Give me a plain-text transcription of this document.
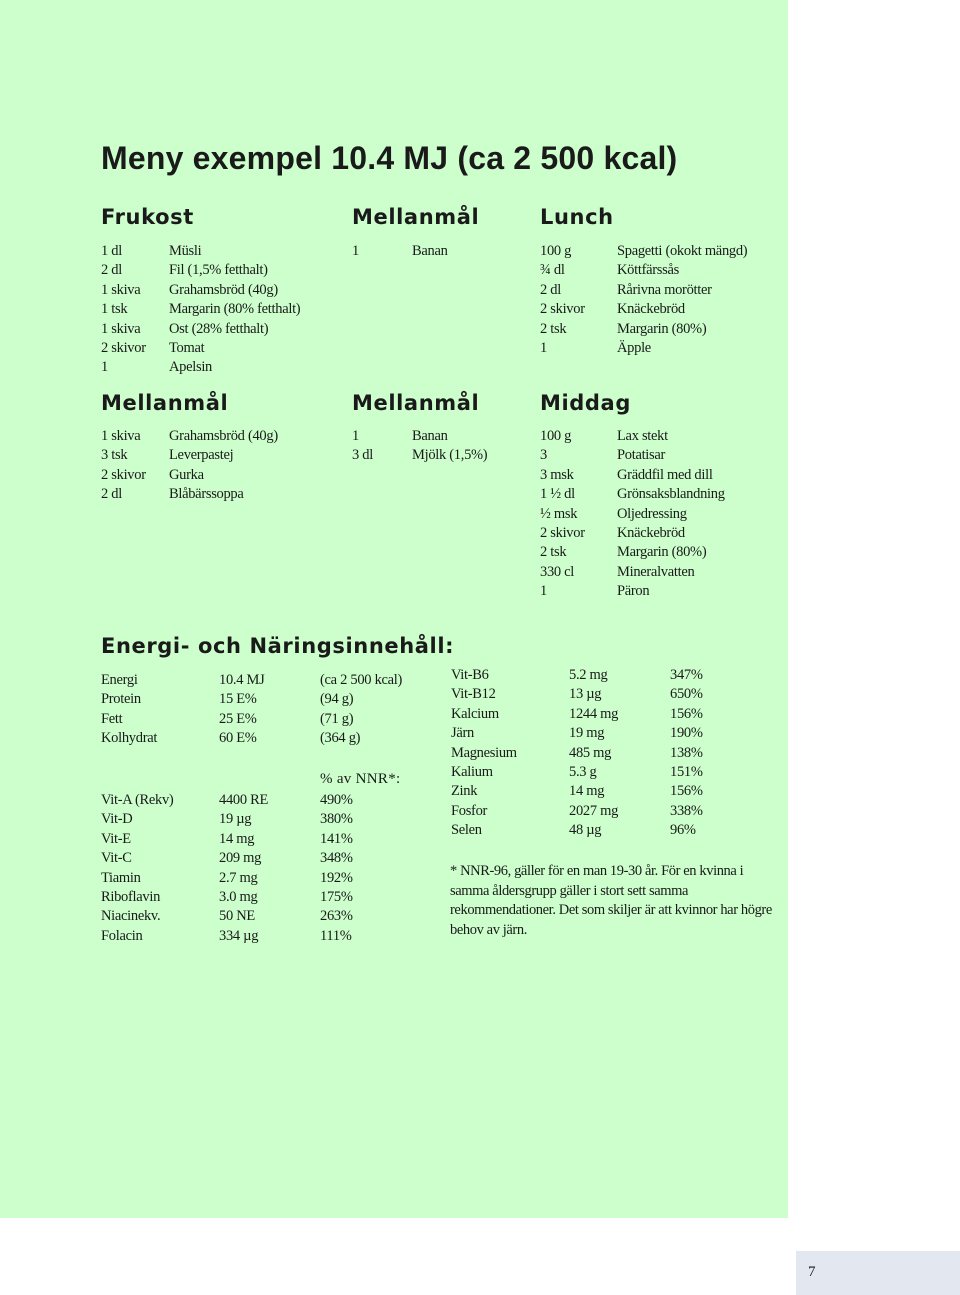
Meny exempel 10.4 MJ (ca 2 500 kcal)
Frukost
1 dl	Müsli
2 dl	Fil (1,5% fetthalt)
1 skiva Grahamsbröd (40g)
1 tsk	Margarin (80% fetthalt)
1 skiva Ost (28% fetthalt)
2 skivor Tomat
1	Apelsin
Mellanmål
1	Banan
Lunch
100 g	Spagetti (okokt mängd)
¾ dl	Köttfärssås
2 dl	Rårivna morötter
2 skivor Knäckebröd
2 tsk	Margarin (80%)
1	Äpple
Mellanmål
1 skiva Grahamsbröd (40g)
3 tsk	Leverpastej
2 skivor Gurka
2 dl	Blåbärssoppa
Mellanmål
1	Banan
3 dl	Mjölk (1,5%)
Middag
100 g	Lax stekt
3	Potatisar
3 msk	Gräddfil med dill
1 ½ dl	Grönsaksblandning
½ msk	Oljedressing
2 skivor Knäckebröd
2 tsk	Margarin (80%)
330 cl	Mineralvatten
1	Päron
Energi- och Näringsinnehåll:
Energi	10.4 MJ	(ca 2 500 kcal)
Protein	15 E%	(94 g)
Fett	25 E%	(71 g)
Kolhydrat	60 E%	(364 g)
% av NNR*:
Vit-A (Rekv)	4400 RE	490%
Vit-D	19 µg	380%
Vit-E	14 mg	141%
Vit-C	209 mg	348%
Tiamin	2.7 mg	192%
Riboflavin	3.0 mg	175%
Niacinekv.	50 NE	263%
Folacin	334 µg	111%
Vit-B6	5.2 mg	347%
Vit-B12	13 µg	650%
Kalcium	1244 mg	156%
Järn	19 mg	190%
Magnesium	485 mg	138%
Kalium	5.3 g	151%
Zink	14 mg	156%
Fosfor	2027 mg	338%
Selen	48 µg	96%

* NNR-96, gäller för en man 19-30 år. För en kvinna i samma åldersgrupp gäller i stort sett samma rekommendationer. Det som skiljer är att kvinnor har högre behov av järn.

7
